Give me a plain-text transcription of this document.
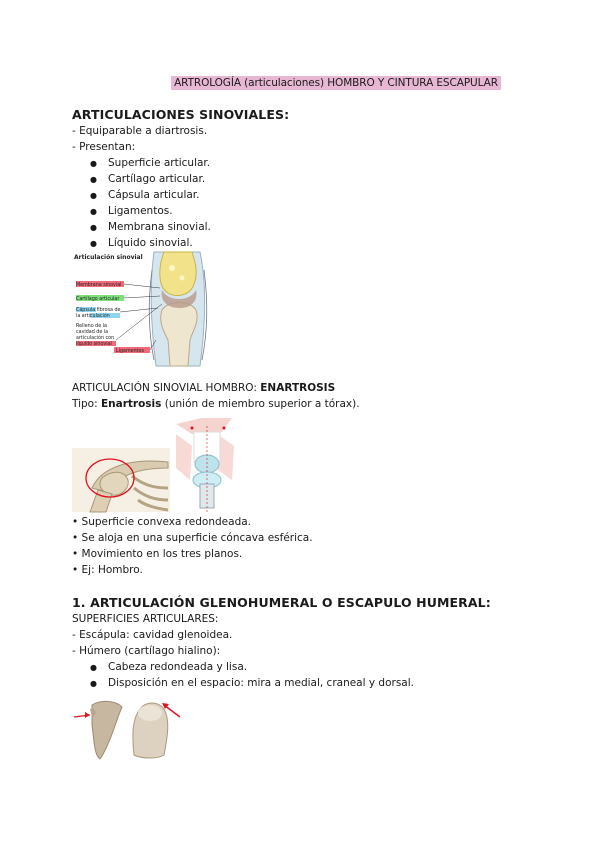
ARTROLOGÍA (articulaciones) HOMBRO Y CINTURA ESCAPULAR
ARTICULACIONES SINOVIALES:
- Equiparable a diartrosis.
- Presentan:
● Superficie articular.
● Cartílago articular.
● Cápsula articular.
● Ligamentos.
● Membrana sinovial.
● Líquido sinovial.
Articulación sinovial
Membrana sinovial
Cartílago articular
Cápsula fibrosa de
la articulación
Relleno de la
cavidad de la
articulación con
líquido sinovial
Ligamentos
ARTICULACIÓN SINOVIAL HOMBRO: ENARTROSIS
Tipo: Enartrosis (unión de miembro superior a tórax).
• Superficie convexa redondeada.
• Se aloja en una superficie cóncava esférica.
• Movimiento en los tres planos.
• Ej: Hombro.
1. ARTICULACIÓN GLENOHUMERAL O ESCAPULO HUMERAL:
SUPERFICIES ARTICULARES:
- Escápula: cavidad glenoidea.
- Húmero (cartílago hialino):
● Cabeza redondeada y lisa.
● Disposición en el espacio: mira a medial, craneal y dorsal.
